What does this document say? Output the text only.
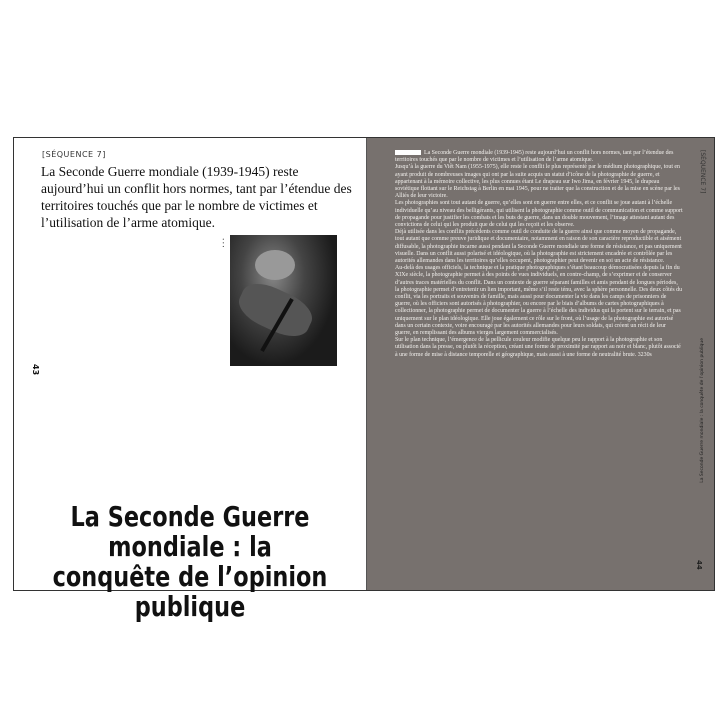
[SÉQUENCE 7]
La Seconde Guerre mondiale (1939-1945) reste aujourd’hui un conflit hors normes, tant par l’étendue des territoires touchés que par le nombre de victimes et l’utilisation de l’arme atomique.
• • •
43
La Seconde Guerre mondiale : la conquête de l’opinion publique

La Seconde Guerre mondiale (1939-1945) reste aujourd’hui un conflit hors normes, tant par l’étendue des territoires touchés que par le nombre de victimes et l’utilisation de l’arme atomique.

Jusqu’à la guerre du Viêt Nam (1955-1975), elle reste le conflit le plus représenté par le médium photographique, tout en ayant produit de nombreuses images qui ont par la suite acquis un statut d’icône de la photographie de guerre, et appartenant à la mémoire collective, les plus connues étant Le drapeau sur Iwo Jima, en février 1945, le drapeau soviétique flottant sur le Reichstag à Berlin en mai 1945, pour ne traiter que la construction et de la mise en scène par les Alliés de leur victoire.

Les photographies sont tout autant de guerre, qu’elles sont en guerre entre elles, et ce conflit se joue autant à l’échelle individuelle qu’au niveau des belligérants, qui utilisent la photographie comme outil de communication et comme support de propagande pour justifier les combats et les buts de guerre, dans un double mouvement, l’image attestant autant des convictions de celui qui les produit que de celui qui les reçoit et les observe.

Déjà utilisée dans les conflits précédents comme outil de conduite de la guerre ainsi que comme moyen de propagande, tout autant que comme preuve juridique et documentaire, notamment en raison de son caractère reproductible et aisément diffusable, la photographie incarne aussi pendant la Seconde Guerre mondiale une forme de résistance, et pas uniquement visuelle. Dans un conflit aussi polarisé et idéologique, où la photographie est strictement encadrée et contrôlée par les autorités allemandes dans les territoires qu’elles occupent, photographier peut devenir en soi un acte de résistance.

Au-delà des usages officiels, la technique et la pratique photographiques s’étant beaucoup démocratisées depuis la fin du XIXe siècle, la photographie permet à des points de vues individuels, en contre-champ, de s’exprimer et de conserver d’autres traces matérielles du conflit. Dans un contexte de guerre séparant familles et amis pendant de longues périodes, la photographie permet d’entretenir un lien important, même s’il reste ténu, avec la sphère personnelle. Des deux côtés du conflit, via les portraits et souvenirs de famille, mais aussi pour documenter la vie dans les camps de prisonniers de guerre, où les officiers sont autorisés à photographier, ou encore par le biais d’albums de cartes photographiques à collectionner, la photographie permet de documenter la guerre à l’échelle des individus qui la portent sur le terrain, et pas uniquement sur le plan idéologique. Elle joue également ce rôle sur le front, où l’usage de la photographie est autorisé dans un certain contexte, voire encouragé par les autorités allemandes pour leurs soldats, qui créent un récit de leur guerre, en remplissant des albums vierges largement commercialisés.

Sur le plan technique, l’émergence de la pellicule couleur modifie quelque peu le rapport à la photographie et son utilisation dans la presse, ou plutôt la réception, créant une forme de proximité par rapport au noir et blanc, plutôt associé à une forme de mise à distance temporelle et géographique, mais aussi à une forme de neutralité brute. 3230s

[SÉQUENCE 7]
La Seconde Guerre mondiale : la conquête de l’opinion publique
44
